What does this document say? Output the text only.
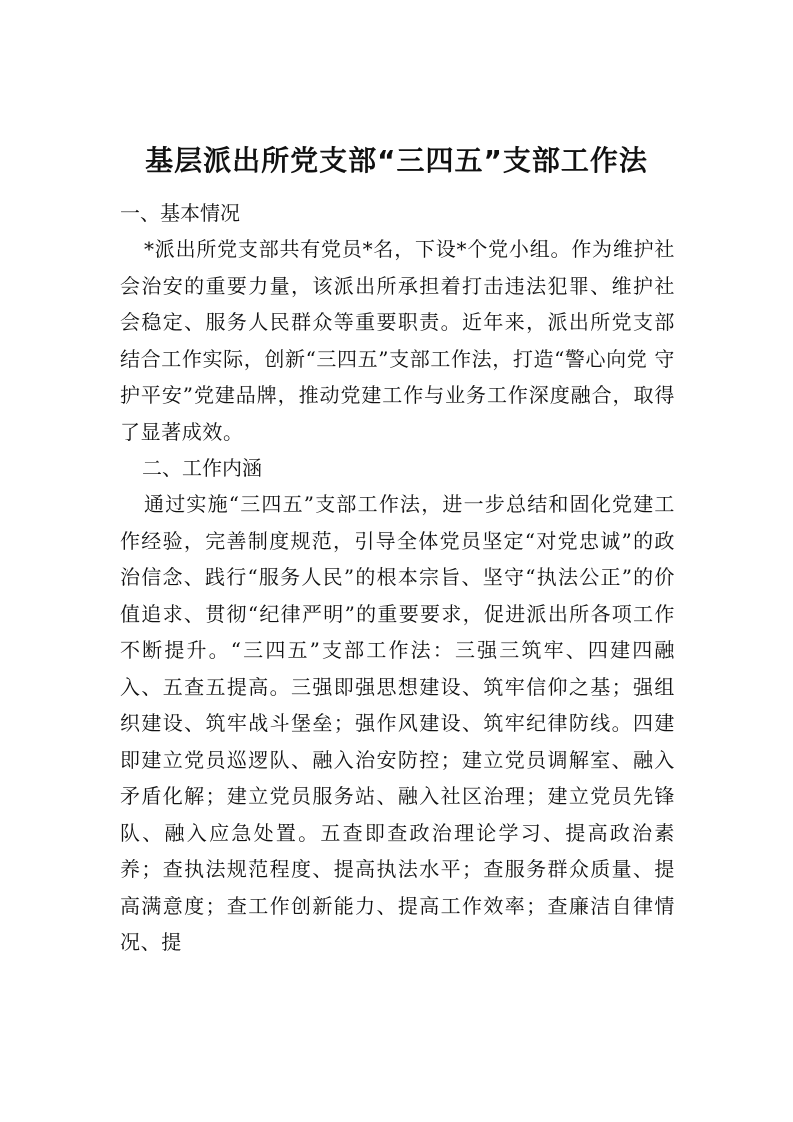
基层派出所党支部“三四五”支部工作法

一、基本情况

*派出所党支部共有党员*名，下设*个党小组。作为维护社会治安的重要力量，该派出所承担着打击违法犯罪、维护社会稳定、服务人民群众等重要职责。近年来，派出所党支部结合工作实际，创新“三四五”支部工作法，打造“警心向党 守护平安”党建品牌，推动党建工作与业务工作深度融合，取得了显著成效。

二、工作内涵

通过实施“三四五”支部工作法，进一步总结和固化党建工作经验，完善制度规范，引导全体党员坚定“对党忠诚”的政治信念、践行“服务人民”的根本宗旨、坚守“执法公正”的价值追求、贯彻“纪律严明”的重要要求，促进派出所各项工作不断提升。“三四五”支部工作法：三强三筑牢、四建四融入、五查五提高。三强即强思想建设、筑牢信仰之基；强组织建设、筑牢战斗堡垒；强作风建设、筑牢纪律防线。四建即建立党员巡逻队、融入治安防控；建立党员调解室、融入矛盾化解；建立党员服务站、融入社区治理；建立党员先锋队、融入应急处置。五查即查政治理论学习、提高政治素养；查执法规范程度、提高执法水平；查服务群众质量、提高满意度；查工作创新能力、提高工作效率；查廉洁自律情况、提
